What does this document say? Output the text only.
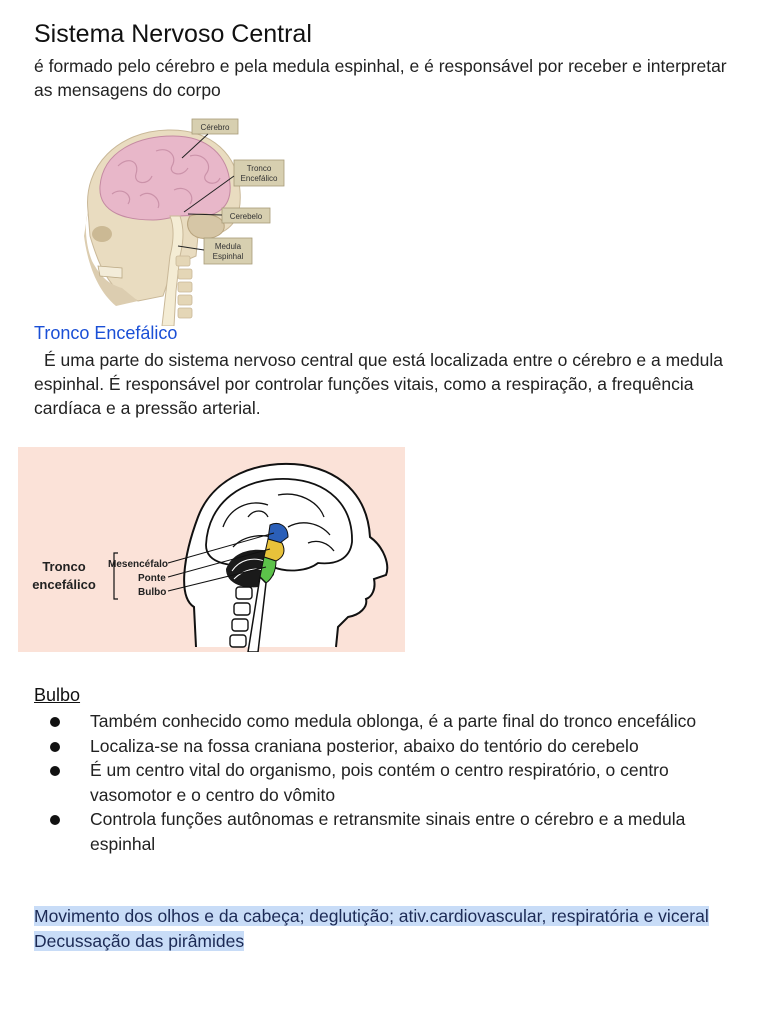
Sistema Nervoso Central

é formado pelo cérebro e pela medula espinhal, e é responsável por receber e interpretar as mensagens do corpo

Cérebro
Tronco
Encefálico
Cerebelo
Medula
Espinhal
Tronco Encefálico

É uma parte do sistema nervoso central que está localizada entre o cérebro e a medula espinhal. É responsável por controlar funções vitais, como a respiração, a frequência cardíaca e a pressão arterial.

Tronco
encefálico
Mesencéfalo
Ponte
Bulbo
Bulbo
Também conhecido como medula oblonga, é a parte final do tronco encefálico
Localiza-se na fossa craniana posterior, abaixo do tentório do cerebelo
É um centro vital do organismo, pois contém o centro respiratório, o centro vasomotor e o centro do vômito
Controla funções autônomas e retransmite sinais entre o cérebro e a medula espinhal

Movimento dos olhos e da cabeça; deglutição; ativ.cardiovascular, respiratória e viceral Decussação das pirâmides
